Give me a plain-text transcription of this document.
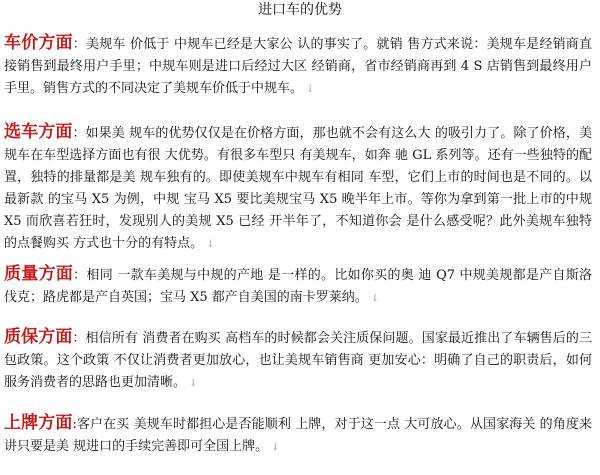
进口车的优势
车价方面：美规车 价低于 中规车已经是大家公 认的事实了。就销 售方式来说：美规车是经销商直接销售到最终用户手里；中规车则是进口后经过大区 经销商，省市经销商再到 4 S 店销售到最终用户手里。销售方式的不同决定了美规车价低于中规车。 ↓
选车方面：如果美 规车的优势仅仅是在价格方面，那也就不会有这么大 的吸引力了。除了价格，美规车在车型选择方面也有很 大优势。有很多车型只 有美规车，如奔 驰 GL 系列等。还有一些独特的配置，独特的排量都是美 规车独有的。即使美规车中规车有相同 车型，它们上市的时间也是不同的。以最新款 的宝马 X5 为例，中规 宝马 X5 要比美规宝马 X5 晚半年上市。等你为拿到第一批上市的中规 X5 而欣喜若狂时，发现别人的美规 X5 已经 开半年了，不知道你会 是什么感受呢？此外美规车独特的点餐购买 方式也十分的有特点。 ↓
质量方面：相同 一款车美规与中规的产地 是一样的。比如你买的奥 迪 Q7 中规美规都是产自斯洛伐克；路虎都是产自英国；宝马 X5 都产自美国的南卡罗莱纳。 ↓
质保方面：相信所有 消费者在购买 高档车的时候都会关注质保问题。国家最近推出了车辆售后的三包政策。这个政策 不仅让消费者更加放心，也让美规车销售商 更加安心：明确了自己的职责后，如何服务消费者的思路也更加清晰。 ↓
上牌方面:客户在买 美规车时都担心是否能顺利 上牌，对于这一点 大可放心。从国家海关 的角度来讲只要是美 规进口的手续完善即可全国上牌。 ↓
